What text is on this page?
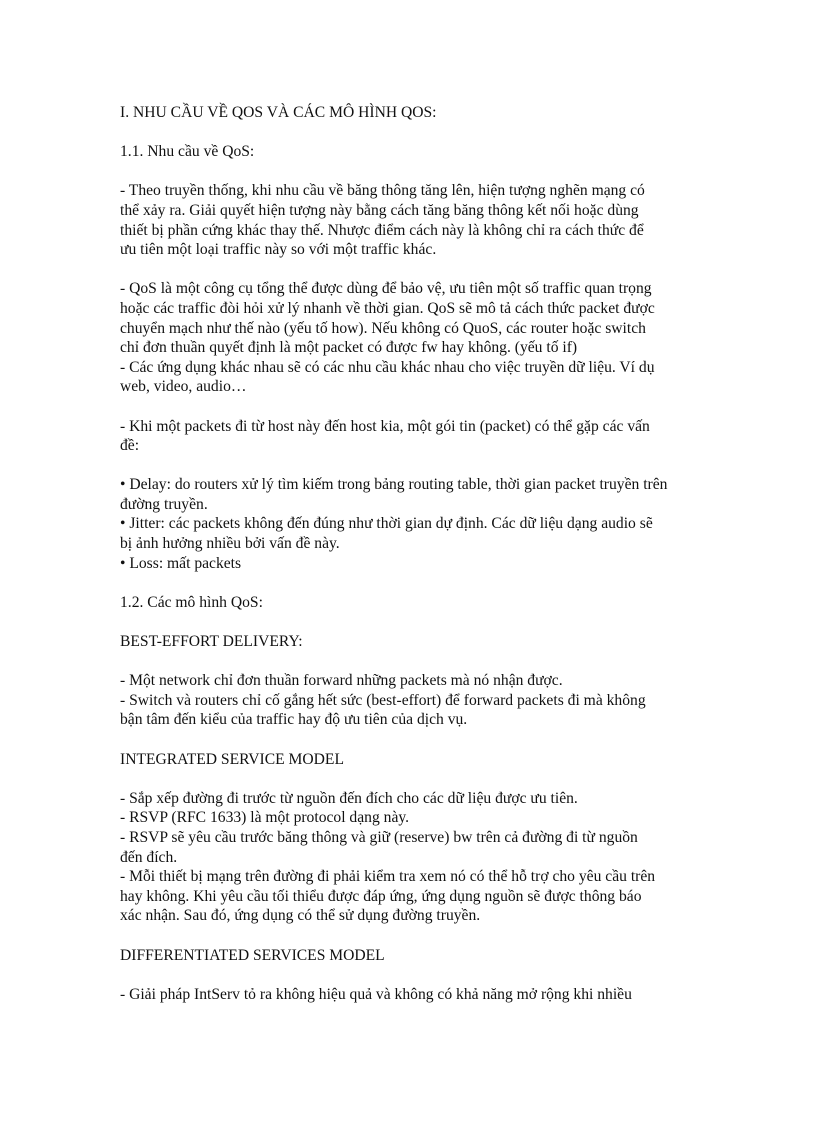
I. NHU CẦU VỀ QOS VÀ CÁC MÔ HÌNH QOS:

1.1. Nhu cầu về QoS:

- Theo truyền thống, khi nhu cầu về băng thông tăng lên, hiện tượng nghẽn mạng có
thể xảy ra. Giải quyết hiện tượng này bằng cách tăng băng thông kết nối hoặc dùng
thiết bị phần cứng khác thay thế. Nhược điểm cách này là không chỉ ra cách thức để
ưu tiên một loại traffic này so với một traffic khác.

- QoS là một công cụ tổng thể được dùng để bảo vệ, ưu tiên một số traffic quan trọng
hoặc các traffic đòi hỏi xử lý nhanh về thời gian. QoS sẽ mô tả cách thức packet được
chuyển mạch như thế nào (yếu tố how). Nếu không có QuoS, các router hoặc switch
chỉ đơn thuần quyết định là một packet có được fw hay không. (yếu tố if)

- Các ứng dụng khác nhau sẽ có các nhu cầu khác nhau cho việc truyền dữ liệu. Ví dụ
web, video, audio…

- Khi một packets đi từ host này đến host kia, một gói tin (packet) có thể gặp các vấn
đề:

• Delay: do routers xử lý tìm kiếm trong bảng routing table, thời gian packet truyền trên
đường truyền.
• Jitter: các packets không đến đúng như thời gian dự định. Các dữ liệu dạng audio sẽ
bị ảnh hưởng nhiều bởi vấn đề này.
• Loss: mất packets

1.2. Các mô hình QoS:

BEST-EFFORT DELIVERY:

- Một network chỉ đơn thuần forward những packets mà nó nhận được.
- Switch và routers chỉ cố gắng hết sức (best-effort) để forward packets đi mà không
bận tâm đến kiểu của traffic hay độ ưu tiên của dịch vụ.

INTEGRATED SERVICE MODEL

- Sắp xếp đường đi trước từ nguồn đến đích cho các dữ liệu được ưu tiên.
- RSVP (RFC 1633) là một protocol dạng này.
- RSVP sẽ yêu cầu trước băng thông và giữ (reserve) bw trên cả đường đi từ nguồn
đến đích.
- Mỗi thiết bị mạng trên đường đi phải kiểm tra xem nó có thể hỗ trợ cho yêu cầu trên
hay không. Khi yêu cầu tối thiểu được đáp ứng, ứng dụng nguồn sẽ được thông báo
xác nhận. Sau đó, ứng dụng có thể sử dụng đường truyền.

DIFFERENTIATED SERVICES MODEL

- Giải pháp IntServ tỏ ra không hiệu quả và không có khả năng mở rộng khi nhiều
